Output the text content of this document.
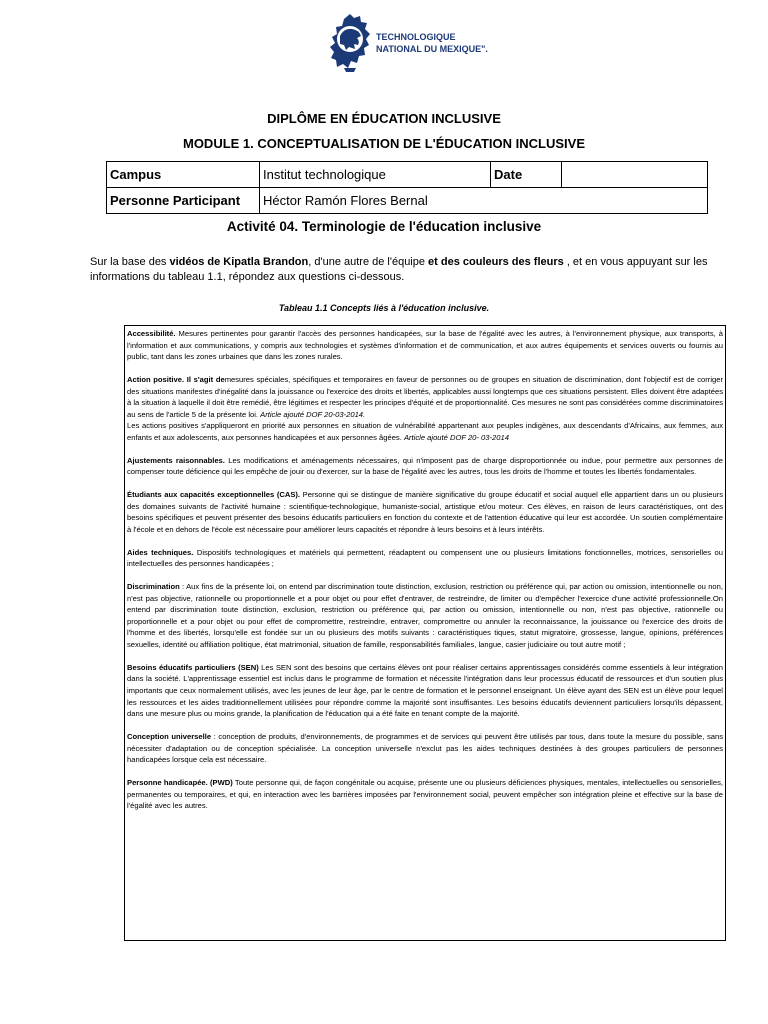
TECHNOLOGIQUE
NATIONAL DU MEXIQUE".
DIPLÔME EN ÉDUCATION INCLUSIVE
MODULE 1. CONCEPTUALISATION DE L'ÉDUCATION INCLUSIVE
Campus	Institut technologique	Date	
Personne Participant	Héctor Ramón Flores Bernal		
Activité 04. Terminologie de l'éducation inclusive
Sur la base des vidéos de Kipatla Brandon, d'une autre de l'équipe et des couleurs des fleurs , et en vous appuyant sur les informations du tableau 1.1, répondez aux questions ci-dessous.
Tableau 1.1 Concepts liés à l'éducation inclusive.

Accessibilité. Mesures pertinentes pour garantir l'accès des personnes handicapées, sur la base de l'égalité avec les autres, à l'environnement physique, aux transports, à l'information et aux communications, y compris aux technologies et systèmes d'information et de communication, et aux autres équipements et services ouverts ou fournis au public, tant dans les zones urbaines que dans les zones rurales.

Action positive. Il s'agit demesures spéciales, spécifiques et temporaires en faveur de personnes ou de groupes en situation de discrimination, dont l'objectif est de corriger des situations manifestes d'inégalité dans la jouissance ou l'exercice des droits et libertés, applicables aussi longtemps que ces situations persistent. Elles doivent être adaptées à la situation à laquelle il doit être remédié, être légitimes et respecter les principes d'équité et de proportionnalité. Ces mesures ne sont pas considérées comme discriminatoires au sens de l'article 5 de la présente loi. Article ajouté DOF 20-03-2014.
Les actions positives s'appliqueront en priorité aux personnes en situation de vulnérabilité appartenant aux peuples indigènes, aux descendants d'Africains, aux femmes, aux enfants et aux adolescents, aux personnes handicapées et aux personnes âgées. Article ajouté DOF 20- 03-2014

Ajustements raisonnables. Les modifications et aménagements nécessaires, qui n'imposent pas de charge disproportionnée ou indue, pour permettre aux personnes de compenser toute déficience qui les empêche de jouir ou d'exercer, sur la base de l'égalité avec les autres, tous les droits de l'homme et toutes les libertés fondamentales.

Étudiants aux capacités exceptionnelles (CAS). Personne qui se distingue de manière significative du groupe éducatif et social auquel elle appartient dans un ou plusieurs des domaines suivants de l'activité humaine : scientifique-technologique, humaniste-social, artistique et/ou moteur. Ces élèves, en raison de leurs caractéristiques, ont des besoins spécifiques et peuvent présenter des besoins éducatifs particuliers en fonction du contexte et de l'attention éducative qui leur est accordée. Un soutien complémentaire à l'école et en dehors de l'école est nécessaire pour améliorer leurs capacités et répondre à leurs besoins et à leurs intérêts.

Aides techniques. Dispositifs technologiques et matériels qui permettent, réadaptent ou compensent une ou plusieurs limitations fonctionnelles, motrices, sensorielles ou intellectuelles des personnes handicapées ;

Discrimination : Aux fins de la présente loi, on entend par discrimination toute distinction, exclusion, restriction ou préférence qui, par action ou omission, intentionnelle ou non, n'est pas objective, rationnelle ou proportionnelle et a pour objet ou pour effet d'entraver, de restreindre, de limiter ou d'empêcher l'exercice d'une activité professionnelle.On entend par discrimination toute distinction, exclusion, restriction ou préférence qui, par action ou omission, intentionnelle ou non, n'est pas objective, rationnelle ou proportionnelle et a pour objet ou pour effet de compromettre, restreindre, entraver, compromettre ou annuler la reconnaissance, la jouissance ou l'exercice des droits de l'homme et des libertés, lorsqu'elle est fondée sur un ou plusieurs des motifs suivants : caractéristiques tiques, statut migratoire, grossesse, langue, opinions, préférences sexuelles, identité ou affiliation politique, état matrimonial, situation de famille, responsabilités familiales, langue, casier judiciaire ou tout autre motif ;

Besoins éducatifs particuliers (SEN) Les SEN sont des besoins que certains élèves ont pour réaliser certains apprentissages considérés comme essentiels à leur intégration dans la société. L'apprentissage essentiel est inclus dans le programme de formation et nécessite l'intégration dans leur processus éducatif de ressources et d'un soutien plus importants que ceux normalement utilisés, avec les jeunes de leur âge, par le centre de formation et le personnel enseignant. Un élève ayant des SEN est un élève pour lequel les ressources et les aides traditionnellement utilisées pour répondre comme la majorité sont insuffisantes. Les besoins éducatifs deviennent particuliers lorsqu'ils dépassent, dans une mesure plus ou moins grande, la planification de l'éducation qui a été faite en tenant compte de la majorité.

Conception universelle : conception de produits, d'environnements, de programmes et de services qui peuvent être utilisés par tous, dans toute la mesure du possible, sans nécessiter d'adaptation ou de conception spécialisée. La conception universelle n'exclut pas les aides techniques destinées à des groupes particuliers de personnes handicapées lorsque cela est nécessaire.

Personne handicapée. (PWD) Toute personne qui, de façon congénitale ou acquise, présente une ou plusieurs déficiences physiques, mentales, intellectuelles ou sensorielles, permanentes ou temporaires, et qui, en interaction avec les barrières imposées par l'environnement social, peuvent empêcher son intégration pleine et effective sur la base de l'égalité avec les autres.
